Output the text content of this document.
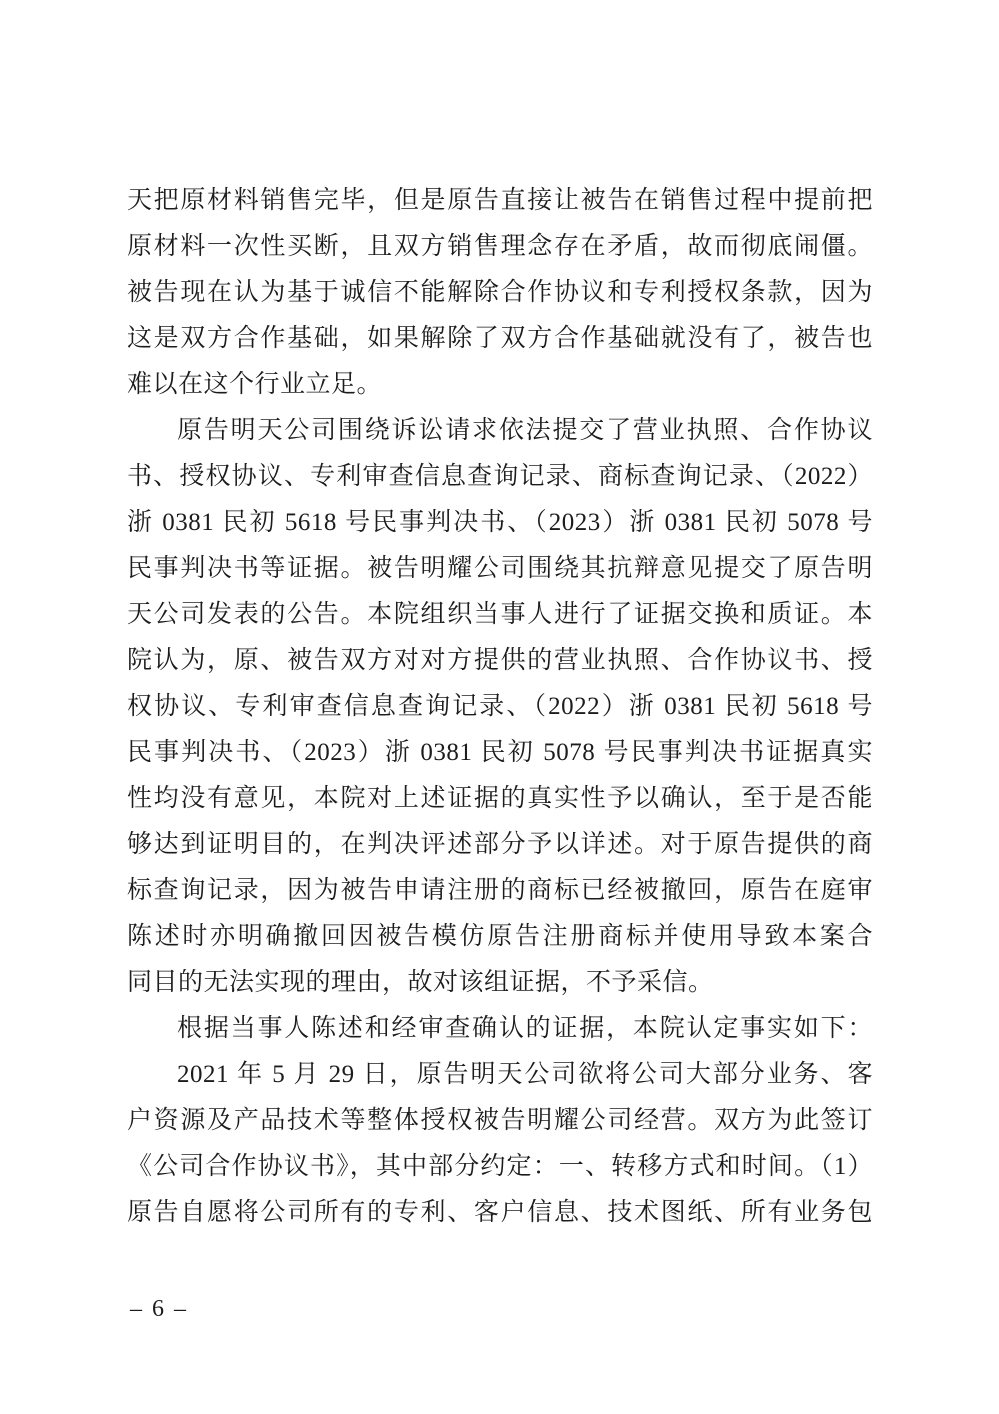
天把原材料销售完毕，但是原告直接让被告在销售过程中提前把
原材料一次性买断，且双方销售理念存在矛盾，故而彻底闹僵。
被告现在认为基于诚信不能解除合作协议和专利授权条款，因为
这是双方合作基础，如果解除了双方合作基础就没有了，被告也
难以在这个行业立足。
原告明天公司围绕诉讼请求依法提交了营业执照、合作协议
书、授权协议、专利审查信息查询记录、商标查询记录、（2022）
浙 0381 民初 5618 号民事判决书、（2023）浙 0381 民初 5078 号
民事判决书等证据。被告明耀公司围绕其抗辩意见提交了原告明
天公司发表的公告。本院组织当事人进行了证据交换和质证。本
院认为，原、被告双方对对方提供的营业执照、合作协议书、授
权协议、专利审查信息查询记录、（2022）浙 0381 民初 5618 号
民事判决书、（2023）浙 0381 民初 5078 号民事判决书证据真实
性均没有意见，本院对上述证据的真实性予以确认，至于是否能
够达到证明目的，在判决评述部分予以详述。对于原告提供的商
标查询记录，因为被告申请注册的商标已经被撤回，原告在庭审
陈述时亦明确撤回因被告模仿原告注册商标并使用导致本案合
同目的无法实现的理由，故对该组证据，不予采信。
根据当事人陈述和经审查确认的证据，本院认定事实如下：
2021 年 5 月 29 日，原告明天公司欲将公司大部分业务、客
户资源及产品技术等整体授权被告明耀公司经营。双方为此签订
《公司合作协议书》，其中部分约定：一、转移方式和时间。（1）
原告自愿将公司所有的专利、客户信息、技术图纸、所有业务包
– 6 –
